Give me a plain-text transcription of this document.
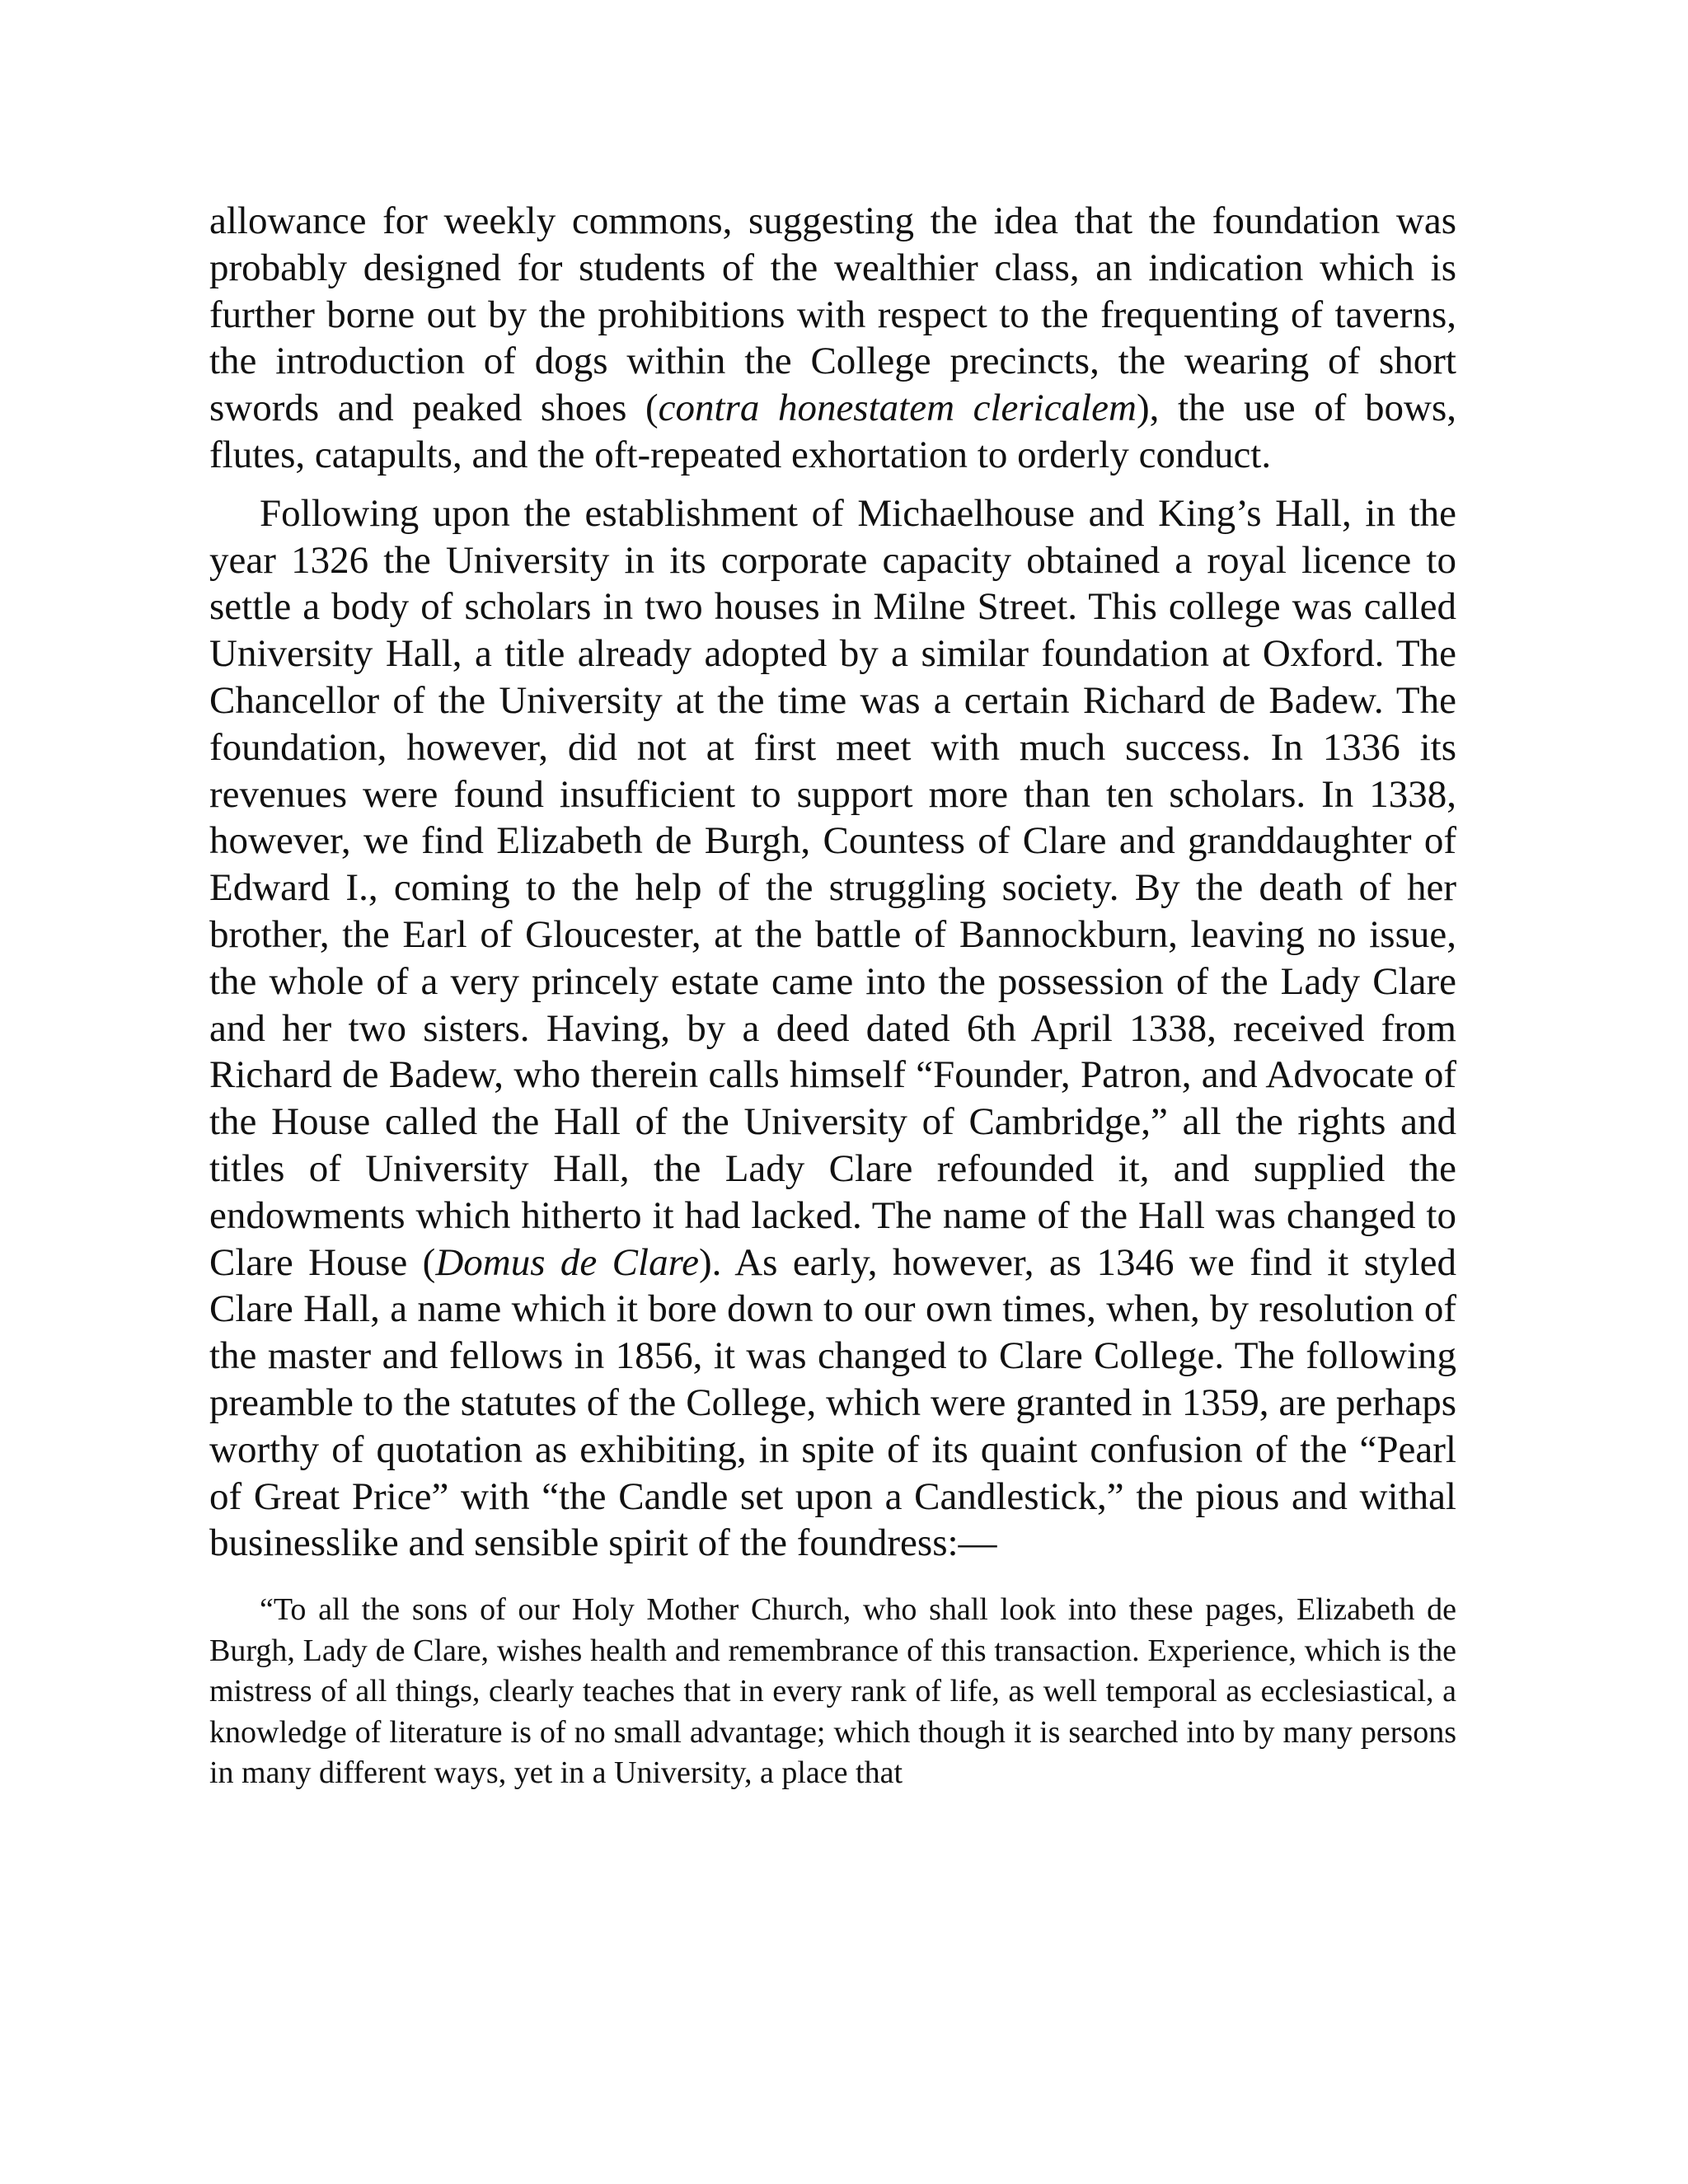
allowance for weekly commons, suggesting the idea that the foundation was probably designed for students of the wealthier class, an indication which is further borne out by the prohibitions with respect to the frequenting of taverns, the introduction of dogs within the College precincts, the wearing of short swords and peaked shoes (contra honestatem clericalem), the use of bows, flutes, catapults, and the oft-repeated exhortation to orderly conduct.

Following upon the establishment of Michaelhouse and King’s Hall, in the year 1326 the University in its corporate capacity obtained a royal licence to settle a body of scholars in two houses in Milne Street. This college was called University Hall, a title already adopted by a similar foundation at Oxford. The Chancellor of the University at the time was a certain Richard de Badew. The foundation, however, did not at first meet with much success. In 1336 its revenues were found insufficient to support more than ten scholars. In 1338, however, we find Elizabeth de Burgh, Countess of Clare and granddaughter of Edward I., coming to the help of the struggling society. By the death of her brother, the Earl of Gloucester, at the battle of Bannockburn, leaving no issue, the whole of a very princely estate came into the possession of the Lady Clare and her two sisters. Having, by a deed dated 6th April 1338, received from Richard de Badew, who therein calls himself “Founder, Patron, and Advocate of the House called the Hall of the University of Cambridge,” all the rights and titles of University Hall, the Lady Clare refounded it, and supplied the endowments which hitherto it had lacked. The name of the Hall was changed to Clare House (Domus de Clare). As early, however, as 1346 we find it styled Clare Hall, a name which it bore down to our own times, when, by resolution of the master and fellows in 1856, it was changed to Clare College. The following preamble to the statutes of the College, which were granted in 1359, are perhaps worthy of quotation as exhibiting, in spite of its quaint confusion of the “Pearl of Great Price” with “the Candle set upon a Candlestick,” the pious and withal businesslike and sensible spirit of the foundress:—

“To all the sons of our Holy Mother Church, who shall look into these pages, Elizabeth de Burgh, Lady de Clare, wishes health and remembrance of this transaction. Experience, which is the mistress of all things, clearly teaches that in every rank of life, as well temporal as ecclesiastical, a knowledge of literature is of no small advantage; which though it is searched into by many persons in many different ways, yet in a University, a place that
